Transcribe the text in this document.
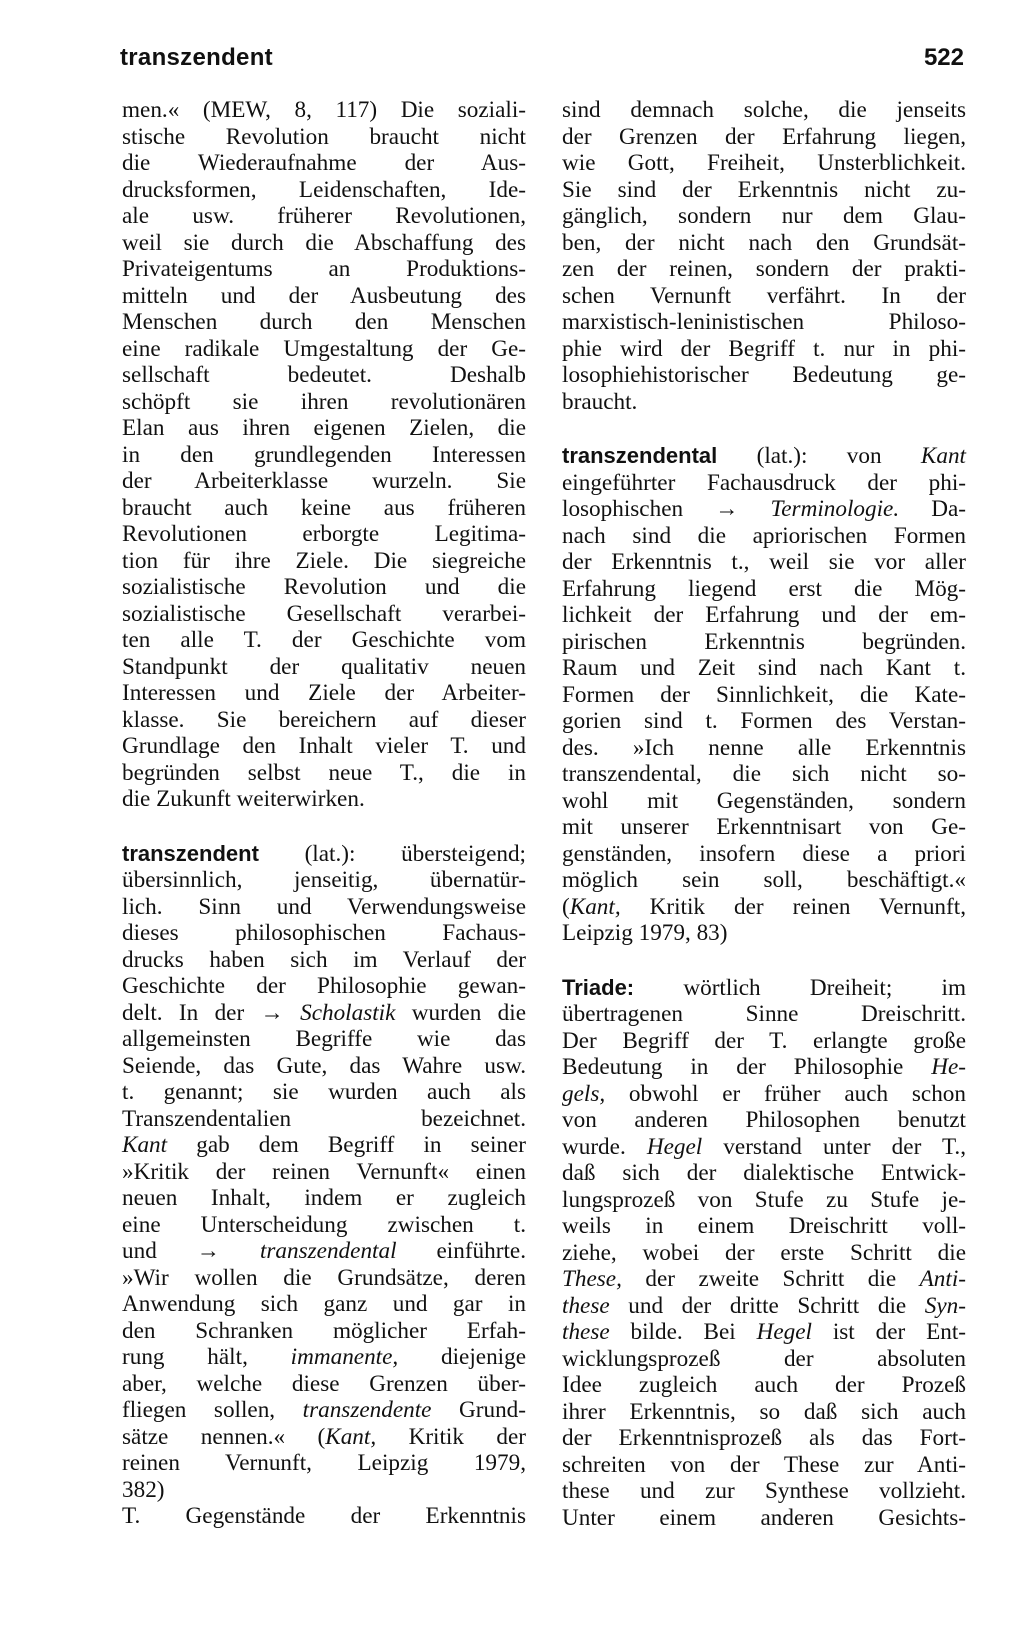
transzendent	522

men.« (MEW, 8, 117) Die soziali-
stische Revolution braucht nicht
die Wiederaufnahme der Aus-
drucksformen, Leidenschaften, Ide-
ale usw. früherer Revolutionen,
weil sie durch die Abschaffung des
Privateigentums an Produktions-
mitteln und der Ausbeutung des
Menschen durch den Menschen
eine radikale Umgestaltung der Ge-
sellschaft bedeutet. Deshalb
schöpft sie ihren revolutionären
Elan aus ihren eigenen Zielen, die
in den grundlegenden Interessen
der Arbeiterklasse wurzeln. Sie
braucht auch keine aus früheren
Revolutionen erborgte Legitima-
tion für ihre Ziele. Die siegreiche
sozialistische Revolution und die
sozialistische Gesellschaft verarbei-
ten alle T. der Geschichte vom
Standpunkt der qualitativ neuen
Interessen und Ziele der Arbeiter-
klasse. Sie bereichern auf dieser
Grundlage den Inhalt vieler T. und
begründen selbst neue T., die in
die Zukunft weiterwirken.

transzendent (lat.): übersteigend;
übersinnlich, jenseitig, übernatür-
lich. Sinn und Verwendungsweise
dieses philosophischen Fachaus-
drucks haben sich im Verlauf der
Geschichte der Philosophie gewan-
delt. In der → Scholastik wurden die
allgemeinsten Begriffe wie das
Seiende, das Gute, das Wahre usw.
t. genannt; sie wurden auch als
Transzendentalien bezeichnet.
Kant gab dem Begriff in seiner
»Kritik der reinen Vernunft« einen
neuen Inhalt, indem er zugleich
eine Unterscheidung zwischen t.
und → transzendental einführte.
»Wir wollen die Grundsätze, deren
Anwendung sich ganz und gar in
den Schranken möglicher Erfah-
rung hält, immanente, diejenige
aber, welche diese Grenzen über-
fliegen sollen, transzendente Grund-
sätze nennen.« (Kant, Kritik der
reinen Vernunft, Leipzig 1979,
382)
T. Gegenstände der Erkenntnis

sind demnach solche, die jenseits
der Grenzen der Erfahrung liegen,
wie Gott, Freiheit, Unsterblichkeit.
Sie sind der Erkenntnis nicht zu-
gänglich, sondern nur dem Glau-
ben, der nicht nach den Grundsät-
zen der reinen, sondern der prakti-
schen Vernunft verfährt. In der
marxistisch-leninistischen Philoso-
phie wird der Begriff t. nur in phi-
losophiehistorischer Bedeutung ge-
braucht.

transzendental (lat.): von Kant
eingeführter Fachausdruck der phi-
losophischen → Terminologie. Da-
nach sind die apriorischen Formen
der Erkenntnis t., weil sie vor aller
Erfahrung liegend erst die Mög-
lichkeit der Erfahrung und der em-
pirischen Erkenntnis begründen.
Raum und Zeit sind nach Kant t.
Formen der Sinnlichkeit, die Kate-
gorien sind t. Formen des Verstan-
des. »Ich nenne alle Erkenntnis
transzendental, die sich nicht so-
wohl mit Gegenständen, sondern
mit unserer Erkenntnisart von Ge-
genständen, insofern diese a priori
möglich sein soll, beschäftigt.«
(Kant, Kritik der reinen Vernunft,
Leipzig 1979, 83)

Triade: wörtlich Dreiheit; im
übertragenen Sinne Dreischritt.
Der Begriff der T. erlangte große
Bedeutung in der Philosophie He-
gels, obwohl er früher auch schon
von anderen Philosophen benutzt
wurde. Hegel verstand unter der T.,
daß sich der dialektische Entwick-
lungsprozeß von Stufe zu Stufe je-
weils in einem Dreischritt voll-
ziehe, wobei der erste Schritt die
These, der zweite Schritt die Anti-
these und der dritte Schritt die Syn-
these bilde. Bei Hegel ist der Ent-
wicklungsprozeß der absoluten
Idee zugleich auch der Prozeß
ihrer Erkenntnis, so daß sich auch
der Erkenntnisprozeß als das Fort-
schreiten von der These zur Anti-
these und zur Synthese vollzieht.
Unter einem anderen Gesichts-
